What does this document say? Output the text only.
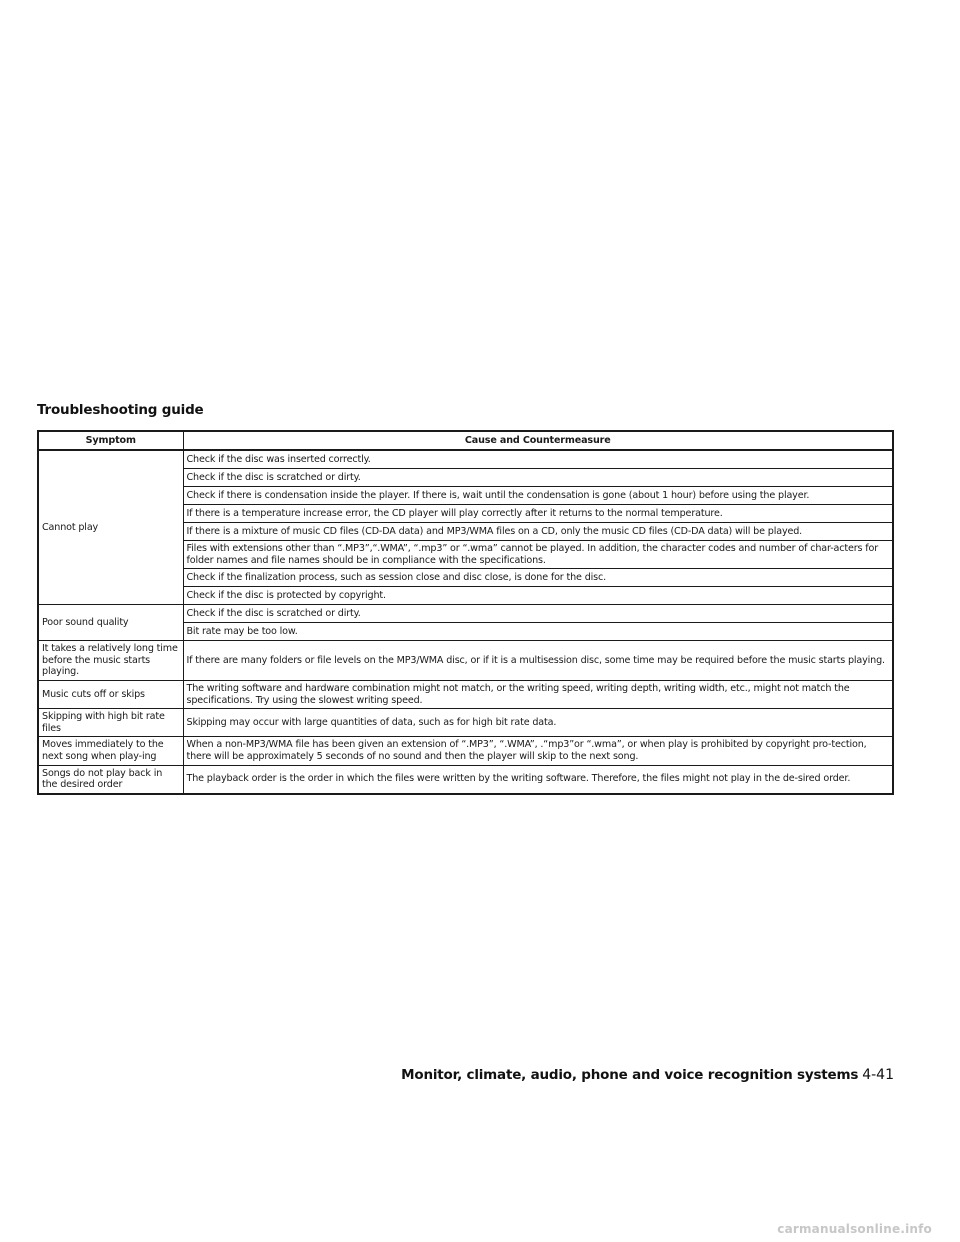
Troubleshooting guide
Symptom	Cause and Countermeasure
Cannot play	Check if the disc was inserted correctly.
	Check if the disc is scratched or dirty.
	Check if there is condensation inside the player. If there is, wait until the condensation is gone (about 1 hour) before using the player.
	If there is a temperature increase error, the CD player will play correctly after it returns to the normal temperature.
	If there is a mixture of music CD files (CD-DA data) and MP3/WMA files on a CD, only the music CD files (CD-DA data) will be played.
	Files with extensions other than “.MP3”,“.WMA”, “.mp3” or “.wma” cannot be played. In addition, the character codes and number of char-acters for folder names and file names should be in compliance with the specifications.
	Check if the finalization process, such as session close and disc close, is done for the disc.
	Check if the disc is protected by copyright.
Poor sound quality	Check if the disc is scratched or dirty.
	Bit rate may be too low.
It takes a relatively long time before the music starts playing.	If there are many folders or file levels on the MP3/WMA disc, or if it is a multisession disc, some time may be required before the music starts playing.
Music cuts off or skips	The writing software and hardware combination might not match, or the writing speed, writing depth, writing width, etc., might not match the specifications. Try using the slowest writing speed.
Skipping with high bit rate files	Skipping may occur with large quantities of data, such as for high bit rate data.
Moves immediately to the next song when play-ing	When a non-MP3/WMA file has been given an extension of “.MP3”, “.WMA”, .“mp3”or “.wma”, or when play is prohibited by copyright pro-tection, there will be approximately 5 seconds of no sound and then the player will skip to the next song.
Songs do not play back in the desired order	The playback order is the order in which the files were written by the writing software. Therefore, the files might not play in the de-sired order.
Monitor, climate, audio, phone and voice recognition systems 4-41
carmanualsonline.info
